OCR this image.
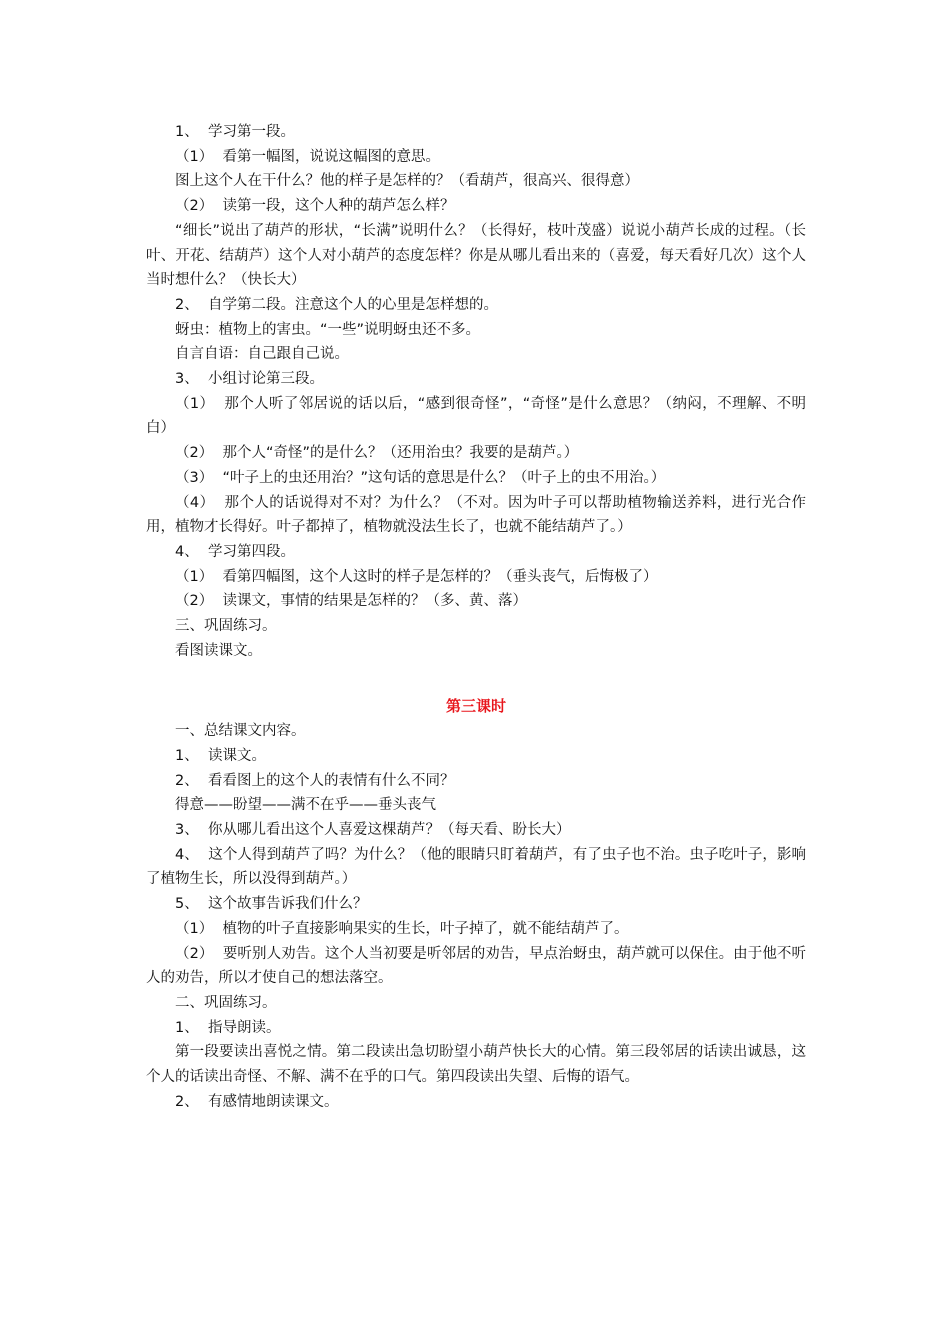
1、  学习第一段。

（1）  看第一幅图，说说这幅图的意思。

图上这个人在干什么？他的样子是怎样的？（看葫芦，很高兴、很得意）

（2）  读第一段，这个人种的葫芦怎么样？

“细长”说出了葫芦的形状，“长满”说明什么？（长得好，枝叶茂盛）说说小葫芦长成的过程。（长叶、开花、结葫芦）这个人对小葫芦的态度怎样？你是从哪儿看出来的（喜爱，每天看好几次）这个人当时想什么？（快长大）

2、  自学第二段。注意这个人的心里是怎样想的。

蚜虫：植物上的害虫。“一些”说明蚜虫还不多。

自言自语：自己跟自己说。

3、  小组讨论第三段。

（1）  那个人听了邻居说的话以后，“感到很奇怪”，“奇怪”是什么意思？（纳闷，不理解、不明白）

（2）  那个人“奇怪”的是什么？（还用治虫？我要的是葫芦。）

（3）  “叶子上的虫还用治？”这句话的意思是什么？（叶子上的虫不用治。）

（4）  那个人的话说得对不对？为什么？（不对。因为叶子可以帮助植物输送养料，进行光合作用，植物才长得好。叶子都掉了，植物就没法生长了，也就不能结葫芦了。）

4、  学习第四段。

（1）  看第四幅图，这个人这时的样子是怎样的？（垂头丧气，后悔极了）

（2）  读课文，事情的结果是怎样的？（多、黄、落）

三、巩固练习。

看图读课文。

第三课时

一、总结课文内容。

1、  读课文。

2、  看看图上的这个人的表情有什么不同？

得意——盼望——满不在乎——垂头丧气

3、  你从哪儿看出这个人喜爱这棵葫芦？（每天看、盼长大）

4、  这个人得到葫芦了吗？为什么？（他的眼睛只盯着葫芦，有了虫子也不治。虫子吃叶子，影响了植物生长，所以没得到葫芦。）

5、  这个故事告诉我们什么？

（1）  植物的叶子直接影响果实的生长，叶子掉了，就不能结葫芦了。

（2）  要听别人劝告。这个人当初要是听邻居的劝告，早点治蚜虫，葫芦就可以保住。由于他不听人的劝告，所以才使自己的想法落空。

二、巩固练习。

1、  指导朗读。

第一段要读出喜悦之情。第二段读出急切盼望小葫芦快长大的心情。第三段邻居的话读出诚恳，这个人的话读出奇怪、不解、满不在乎的口气。第四段读出失望、后悔的语气。

2、  有感情地朗读课文。
